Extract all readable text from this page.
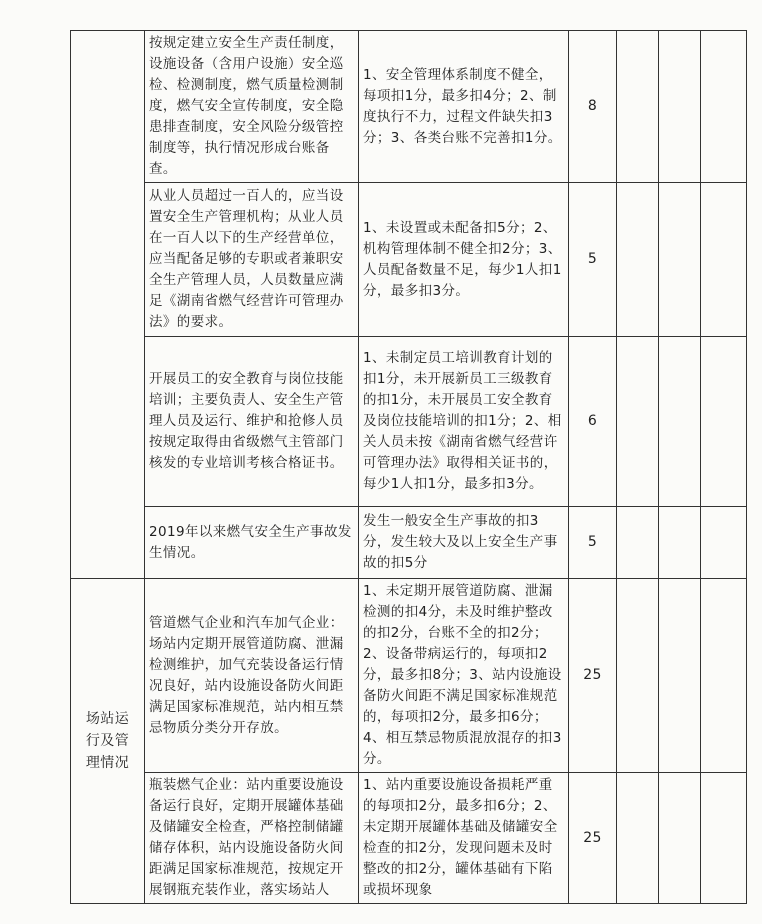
	按规定建立安全生产责任制度，设施设备（含用户设施）安全巡检、检测制度，燃气质量检测制度，燃气安全宣传制度，安全隐患排查制度，安全风险分级管控制度等，执行情况形成台账备查。	1、安全管理体系制度不健全，每项扣1分，最多扣4分；2、制度执行不力，过程文件缺失扣3分；3、各类台账不完善扣1分。	8			
	从业人员超过一百人的，应当设置安全生产管理机构；从业人员在一百人以下的生产经营单位，应当配备足够的专职或者兼职安全生产管理人员，人员数量应满足《湖南省燃气经营许可管理办法》的要求。	1、未设置或未配备扣5分；2、机构管理体制不健全扣2分；3、人员配备数量不足，每少1人扣1分，最多扣3分。	5			
	开展员工的安全教育与岗位技能培训；主要负责人、安全生产管理人员及运行、维护和抢修人员按规定取得由省级燃气主管部门核发的专业培训考核合格证书。	1、未制定员工培训教育计划的扣1分，未开展新员工三级教育的扣1分，未开展员工安全教育及岗位技能培训的扣1分；2、相关人员未按《湖南省燃气经营许可管理办法》取得相关证书的，每少1人扣1分，最多扣3分。	6			
	2019年以来燃气安全生产事故发生情况。	发生一般安全生产事故的扣3分，发生较大及以上安全生产事故的扣5分	5			
场站运行及管理情况	管道燃气企业和汽车加气企业：场站内定期开展管道防腐、泄漏检测维护，加气充装设备运行情况良好，站内设施设备防火间距满足国家标准规范，站内相互禁忌物质分类分开存放。	1、未定期开展管道防腐、泄漏检测的扣4分，未及时维护整改的扣2分，台账不全的扣2分；2、设备带病运行的，每项扣2分，最多扣8分；3、站内设施设备防火间距不满足国家标准规范的，每项扣2分，最多扣6分；4、相互禁忌物质混放混存的扣3分。	25			
	瓶装燃气企业：站内重要设施设备运行良好，定期开展罐体基础及储罐安全检查，严格控制储罐储存体积，站内设施设备防火间距满足国家标准规范，按规定开展钢瓶充装作业，落实场站人	1、站内重要设施设备损耗严重的每项扣2分，最多扣6分；2、未定期开展罐体基础及储罐安全检查的扣2分，发现问题未及时整改的扣2分，罐体基础有下陷或损坏现象	25			
